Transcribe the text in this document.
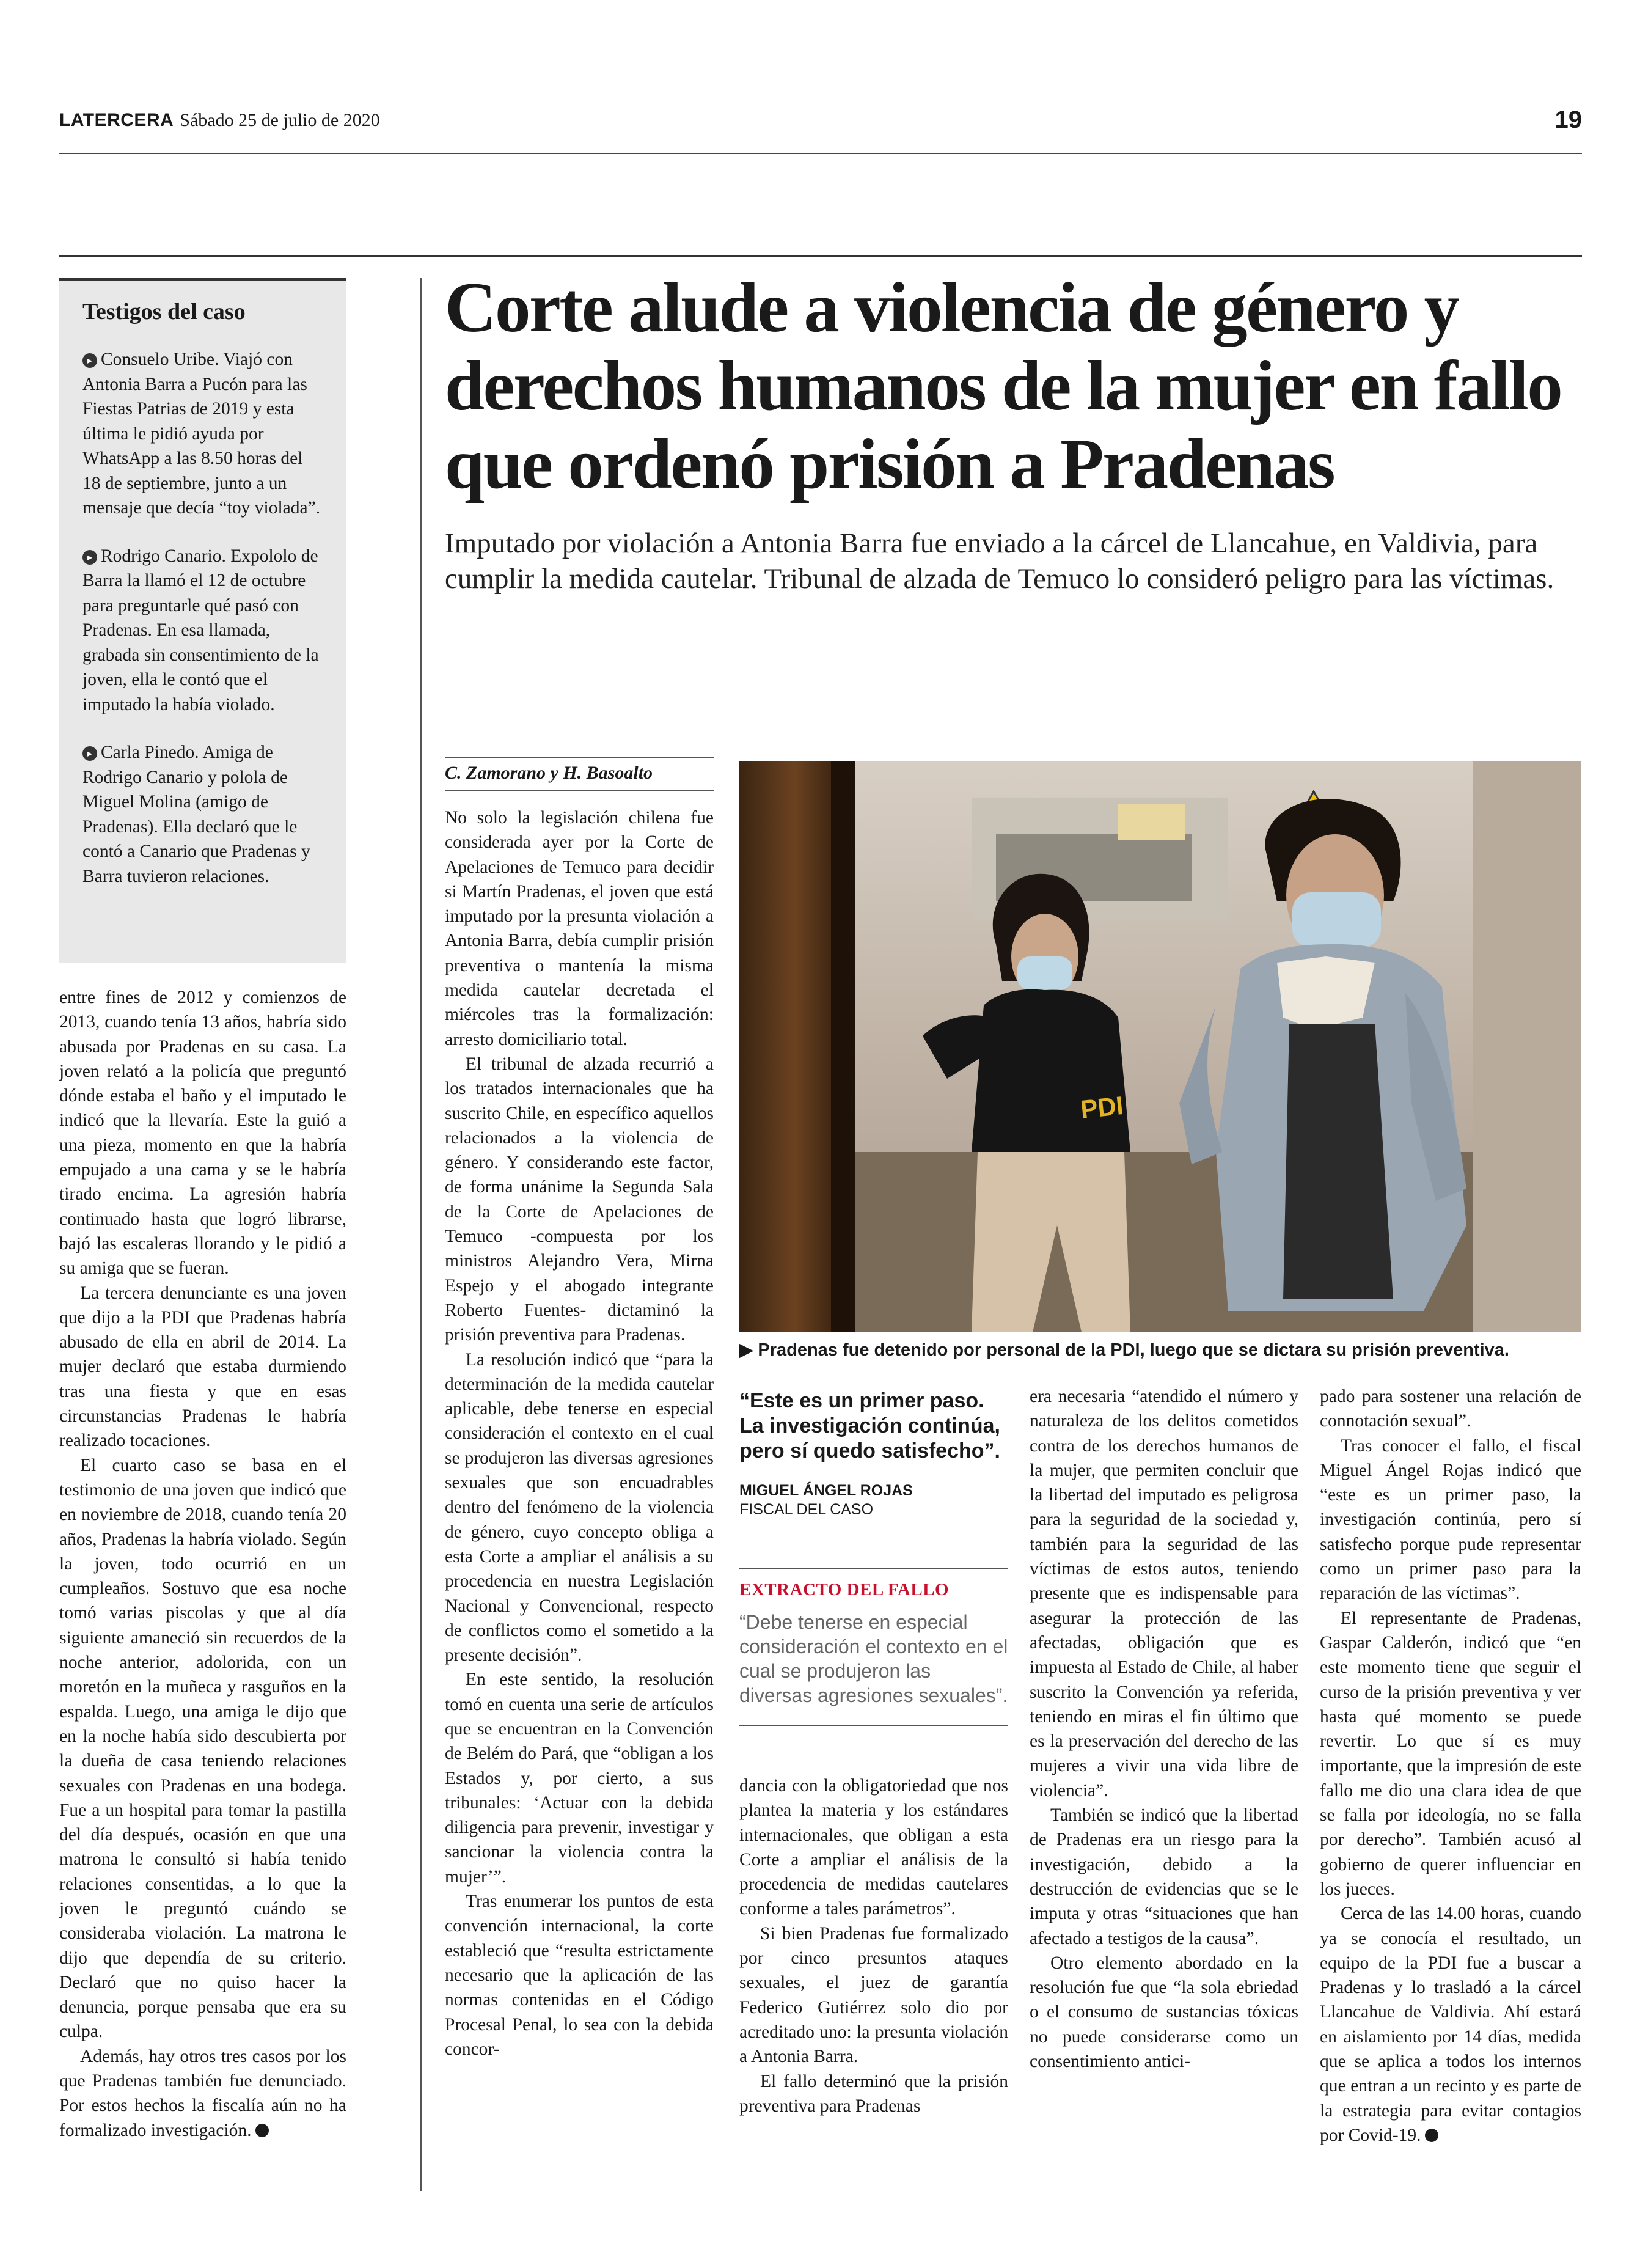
LATERCERA Sábado 25 de julio de 2020	19
Testigos del caso
▸ Consuelo Uribe. Viajó con Antonia Barra a Pucón para las Fiestas Patrias de 2019 y esta última le pidió ayuda por WhatsApp a las 8.50 horas del 18 de septiembre, junto a un mensaje que decía “toy violada”.
▸ Rodrigo Canario. Expololo de Barra la llamó el 12 de octubre para preguntarle qué pasó con Pradenas. En esa llamada, grabada sin consentimiento de la joven, ella le contó que el imputado la había violado.
▸ Carla Pinedo. Amiga de Rodrigo Canario y polola de Miguel Molina (amigo de Pradenas). Ella declaró que le contó a Canario que Pradenas y Barra tuvieron relaciones.

entre fines de 2012 y comienzos de 2013, cuando tenía 13 años, habría sido abusada por Pradenas en su casa. La joven relató a la policía que preguntó dónde estaba el baño y el imputado le indicó que la llevaría. Este la guió a una pieza, momento en que la habría empujado a una cama y se le habría tirado encima. La agresión habría continuado hasta que logró librarse, bajó las escaleras llorando y le pidió a su amiga que se fueran.

La tercera denunciante es una joven que dijo a la PDI que Pradenas habría abusado de ella en abril de 2014. La mujer declaró que estaba durmiendo tras una fiesta y que en esas circunstancias Pradenas le habría realizado tocaciones.

El cuarto caso se basa en el testimonio de una joven que indicó que en noviembre de 2018, cuando tenía 20 años, Pradenas la habría violado. Según la joven, todo ocurrió en un cumpleaños. Sostuvo que esa noche tomó varias piscolas y que al día siguiente amaneció sin recuerdos de la noche anterior, adolorida, con un moretón en la muñeca y rasguños en la espalda. Luego, una amiga le dijo que en la noche había sido descubierta por la dueña de casa teniendo relaciones sexuales con Pradenas en una bodega. Fue a un hospital para tomar la pastilla del día después, ocasión en que una matrona le consultó si había tenido relaciones consentidas, a lo que la joven le preguntó cuándo se consideraba violación. La matrona le dijo que dependía de su criterio. Declaró que no quiso hacer la denuncia, porque pensaba que era su culpa.

Además, hay otros tres casos por los que Pradenas también fue denunciado. Por estos hechos la fiscalía aún no ha formalizado investigación.

Corte alude a violencia de género y derechos humanos de la mujer en fallo que ordenó prisión a Pradenas

Imputado por violación a Antonia Barra fue enviado a la cárcel de Llancahue, en Valdivia, para cumplir la medida cautelar. Tribunal de alzada de Temuco lo consideró peligro para las víctimas.

C. Zamorano y H. Basoalto

No solo la legislación chilena fue considerada ayer por la Corte de Apelaciones de Temuco para decidir si Martín Pradenas, el joven que está imputado por la presunta violación a Antonia Barra, debía cumplir prisión preventiva o mantenía la misma medida cautelar decretada el miércoles tras la formalización: arresto domiciliario total.

El tribunal de alzada recurrió a los tratados internacionales que ha suscrito Chile, en específico aquellos relacionados a la violencia de género. Y considerando este factor, de forma unánime la Segunda Sala de la Corte de Apelaciones de Temuco -compuesta por los ministros Alejandro Vera, Mirna Espejo y el abogado integrante Roberto Fuentes- dictaminó la prisión preventiva para Pradenas.

La resolución indicó que “para la determinación de la medida cautelar aplicable, debe tenerse en especial consideración el contexto en el cual se produjeron las diversas agresiones sexuales que son encuadrables dentro del fenómeno de la violencia de género, cuyo concepto obliga a esta Corte a ampliar el análisis a su procedencia en nuestra Legislación Nacional y Convencional, respecto de conflictos como el sometido a la presente decisión”.

En este sentido, la resolución tomó en cuenta una serie de artículos que se encuentran en la Convención de Belém do Pará, que “obligan a los Estados y, por cierto, a sus tribunales: ‘Actuar con la debida diligencia para prevenir, investigar y sancionar la violencia contra la mujer’”.

Tras enumerar los puntos de esta convención internacional, la corte estableció que “resulta estrictamente necesario que la aplicación de las normas contenidas en el Código Procesal Penal, lo sea con la debida concor-

PDI
▶ Pradenas fue detenido por personal de la PDI, luego que se dictara su prisión preventiva.
“Este es un primer paso. La investigación continúa, pero sí quedo satisfecho”.
MIGUEL ÁNGEL ROJAS
FISCAL DEL CASO
EXTRACTO DEL FALLO
“Debe tenerse en especial consideración el contexto en el cual se produjeron las diversas agresiones sexuales”.

dancia con la obligatoriedad que nos plantea la materia y los estándares internacionales, que obligan a esta Corte a ampliar el análisis de la procedencia de medidas cautelares conforme a tales parámetros”.

Si bien Pradenas fue formalizado por cinco presuntos ataques sexuales, el juez de garantía Federico Gutiérrez solo dio por acreditado uno: la presunta violación a Antonia Barra.

El fallo determinó que la prisión preventiva para Pradenas

era necesaria “atendido el número y naturaleza de los delitos cometidos contra de los derechos humanos de la mujer, que permiten concluir que la libertad del imputado es peligrosa para la seguridad de la sociedad y, también para la seguridad de las víctimas de estos autos, teniendo presente que es indispensable para asegurar la protección de las afectadas, obligación que es impuesta al Estado de Chile, al haber suscrito la Convención ya referida, teniendo en miras el fin último que es la preservación del derecho de las mujeres a vivir una vida libre de violencia”.

También se indicó que la libertad de Pradenas era un riesgo para la investigación, debido a la destrucción de evidencias que se le imputa y otras “situaciones que han afectado a testigos de la causa”.

Otro elemento abordado en la resolución fue que “la sola ebriedad o el consumo de sustancias tóxicas no puede considerarse como un consentimiento antici-

pado para sostener una relación de connotación sexual”.

Tras conocer el fallo, el fiscal Miguel Ángel Rojas indicó que “este es un primer paso, la investigación continúa, pero sí satisfecho porque pude representar como un primer paso para la reparación de las víctimas”.

El representante de Pradenas, Gaspar Calderón, indicó que “en este momento tiene que seguir el curso de la prisión preventiva y ver hasta qué momento se puede revertir. Lo que sí es muy importante, que la impresión de este fallo me dio una clara idea de que se falla por ideología, no se falla por derecho”. También acusó al gobierno de querer influenciar en los jueces.

Cerca de las 14.00 horas, cuando ya se conocía el resultado, un equipo de la PDI fue a buscar a Pradenas y lo trasladó a la cárcel Llancahue de Valdivia. Ahí estará en aislamiento por 14 días, medida que se aplica a todos los internos que entran a un recinto y es parte de la estrategia para evitar contagios por Covid-19.
